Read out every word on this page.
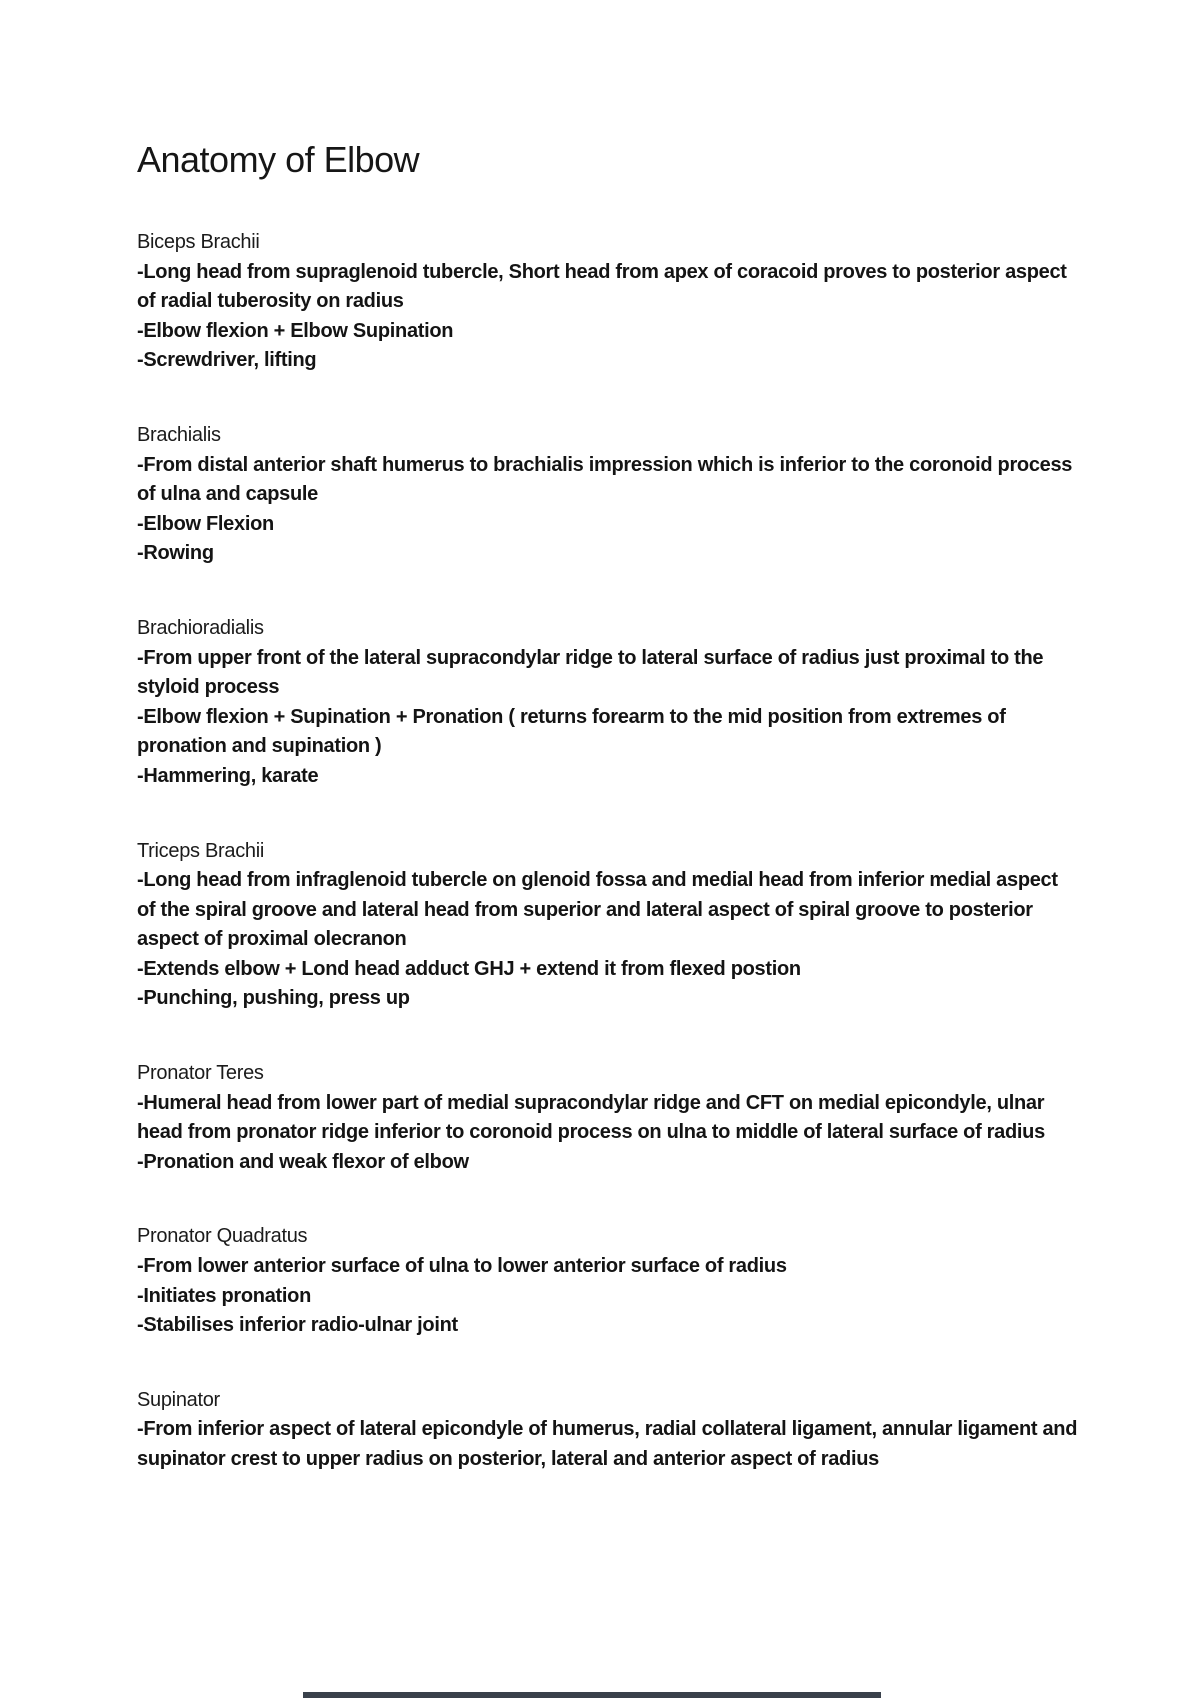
Anatomy of Elbow
Biceps Brachii
-Long head from supraglenoid tubercle, Short head from apex of coracoid proves to posterior aspect of radial tuberosity on radius
-Elbow flexion + Elbow Supination
-Screwdriver, lifting
Brachialis
-From distal anterior shaft humerus to brachialis impression which is inferior to the coronoid process of ulna and capsule
-Elbow Flexion
-Rowing
Brachioradialis
-From upper front of the lateral supracondylar ridge to lateral surface of radius just proximal to the styloid process
-Elbow flexion + Supination + Pronation ( returns forearm to the mid position from extremes of pronation and supination )
-Hammering, karate
Triceps Brachii
-Long head from infraglenoid tubercle on glenoid fossa and medial head from inferior medial aspect of the spiral groove and lateral head from superior and lateral aspect of spiral groove to posterior aspect of proximal olecranon
-Extends elbow + Lond head adduct GHJ + extend it from flexed postion
-Punching, pushing, press up
Pronator Teres
-Humeral head from lower part of medial supracondylar ridge and CFT on medial epicondyle, ulnar head from pronator ridge inferior to coronoid process on ulna to middle of lateral surface of radius
-Pronation and weak flexor of elbow
Pronator Quadratus
-From lower anterior surface of ulna to lower anterior surface of radius
-Initiates pronation
-Stabilises inferior radio-ulnar joint
Supinator
-From inferior aspect of lateral epicondyle of humerus, radial collateral ligament, annular ligament and supinator crest to upper radius on posterior, lateral and anterior aspect of radius
